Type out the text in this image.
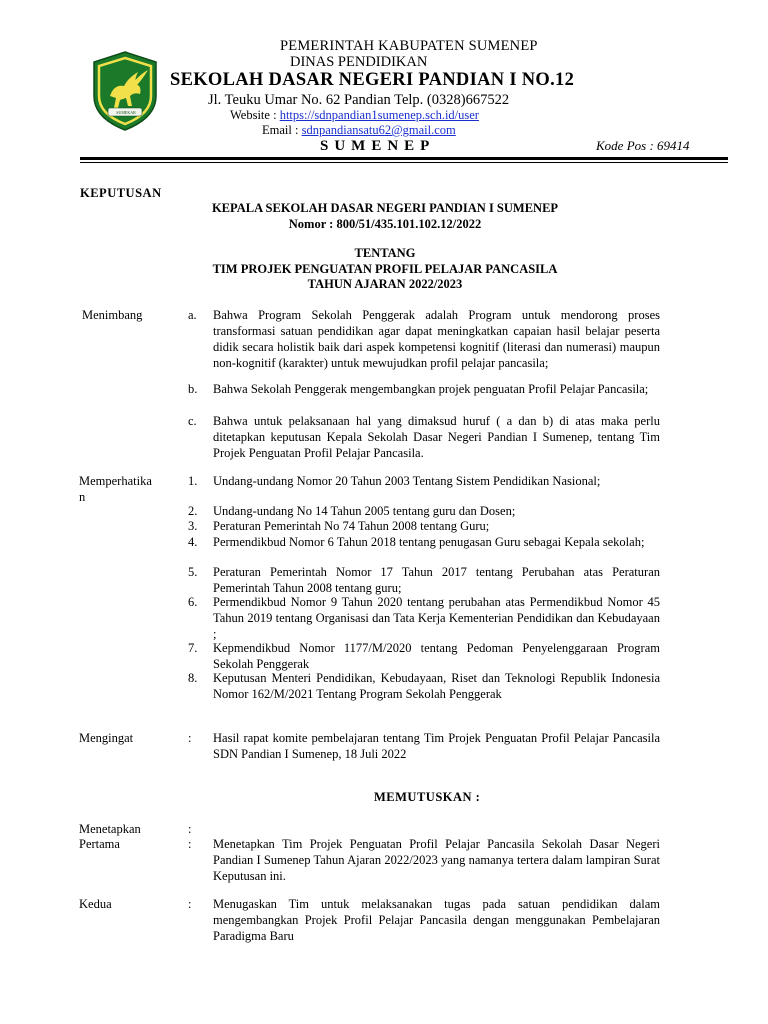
SUMEKAR
PEMERINTAH KABUPATEN SUMENEP
DINAS PENDIDIKAN
SEKOLAH DASAR NEGERI PANDIAN I NO.12
Jl. Teuku Umar No. 62 Pandian Telp. (0328)667522
Website : https://sdnpandian1sumenep.sch.id/user
Email : sdnpandiansatu62@gmail.com
SUMENEP	Kode Pos : 69414
KEPUTUSAN
KEPALA SEKOLAH DASAR NEGERI PANDIAN I SUMENEP
Nomor : 800/51/435.101.102.12/2022
TENTANG
TIM PROJEK PENGUATAN PROFIL PELAJAR PANCASILA
TAHUN AJARAN 2022/2023
Menimbang	a.	Bahwa Program Sekolah Penggerak adalah Program untuk mendorong proses transformasi satuan pendidikan agar dapat meningkatkan capaian hasil belajar peserta didik secara holistik baik dari aspek kompetensi kognitif (literasi dan numerasi) maupun non-kognitif (karakter) untuk mewujudkan profil pelajar pancasila;
b.	Bahwa Sekolah Penggerak mengembangkan projek penguatan Profil Pelajar Pancasila;
c.	Bahwa untuk pelaksanaan hal yang dimaksud huruf ( a dan b) di atas maka perlu ditetapkan keputusan Kepala Sekolah Dasar Negeri Pandian I Sumenep, tentang Tim Projek Penguatan Profil Pelajar Pancasila.
Memperhatika
n
1.	Undang-undang Nomor 20 Tahun 2003 Tentang Sistem Pendidikan Nasional;
2.	Undang-undang No 14 Tahun 2005 tentang guru dan Dosen;
3.	Peraturan Pemerintah No 74 Tahun 2008 tentang Guru;
4.	Permendikbud Nomor 6 Tahun 2018 tentang penugasan Guru sebagai Kepala sekolah;
5.	Peraturan Pemerintah Nomor 17 Tahun 2017 tentang Perubahan atas Peraturan Pemerintah Tahun 2008 tentang guru;
6.	Permendikbud Nomor 9 Tahun 2020 tentang perubahan atas Permendikbud Nomor 45 Tahun 2019 tentang Organisasi dan Tata Kerja Kementerian Pendidikan dan Kebudayaan ;
7.	Kepmendikbud Nomor 1177/M/2020 tentang Pedoman Penyelenggaraan Program Sekolah Penggerak
8.	Keputusan Menteri Pendidikan, Kebudayaan, Riset dan Teknologi Republik Indonesia Nomor 162/M/2021 Tentang Program Sekolah Penggerak
Mengingat	: Hasil rapat komite pembelajaran tentang Tim Projek Penguatan Profil Pelajar Pancasila SDN Pandian I Sumenep, 18 Juli 2022
MEMUTUSKAN :
Menetapkan	:
Pertama	: Menetapkan Tim Projek Penguatan Profil Pelajar Pancasila Sekolah Dasar Negeri Pandian I Sumenep Tahun Ajaran 2022/2023 yang namanya tertera dalam lampiran Surat Keputusan ini.
Kedua	: Menugaskan Tim untuk melaksanakan tugas pada satuan pendidikan dalam mengembangkan Projek Profil Pelajar Pancasila dengan menggunakan Pembelajaran Paradigma Baru
